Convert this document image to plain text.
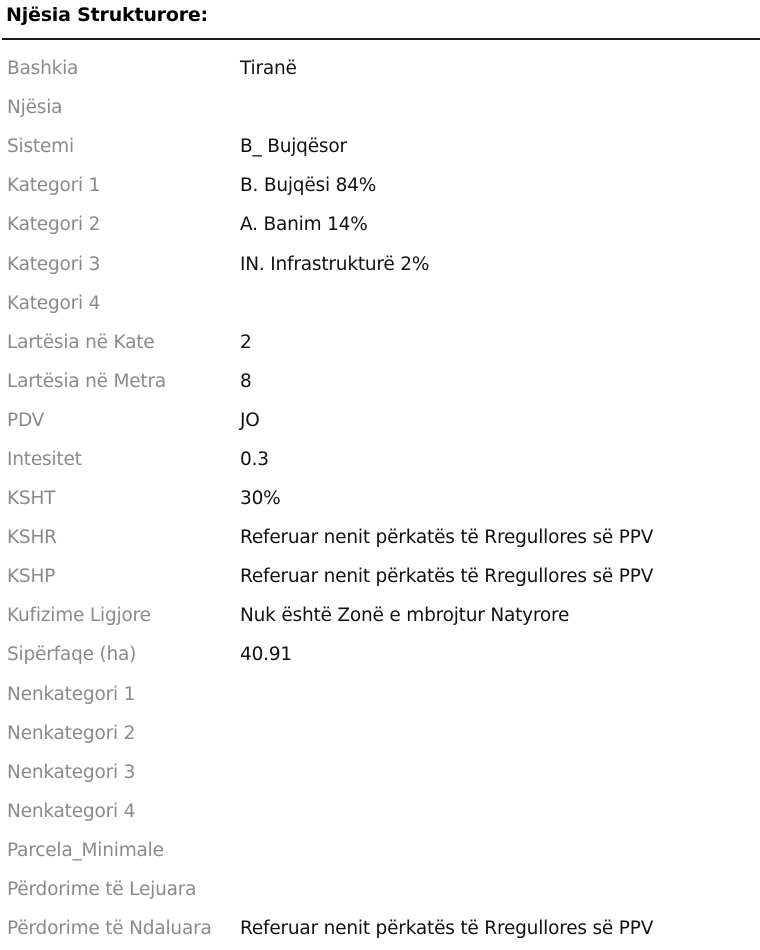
Njësia Strukturore:
Bashkia	Tiranë
Njësia
Sistemi	B_ Bujqësor
Kategori 1	B. Bujqësi 84%
Kategori 2	A. Banim 14%
Kategori 3	IN. Infrastrukturë 2%
Kategori 4
Lartësia në Kate	2
Lartësia në Metra	8
PDV	JO
Intesitet	0.3
KSHT	30%
KSHR	Referuar nenit përkatës të Rregullores së PPV
KSHP	Referuar nenit përkatës të Rregullores së PPV
Kufizime Ligjore	Nuk është Zonë e mbrojtur Natyrore
Sipërfaqe (ha)	40.91
Nenkategori 1
Nenkategori 2
Nenkategori 3
Nenkategori 4
Parcela_Minimale
Përdorime të Lejuara
Përdorime të Ndaluara	Referuar nenit përkatës të Rregullores së PPV
